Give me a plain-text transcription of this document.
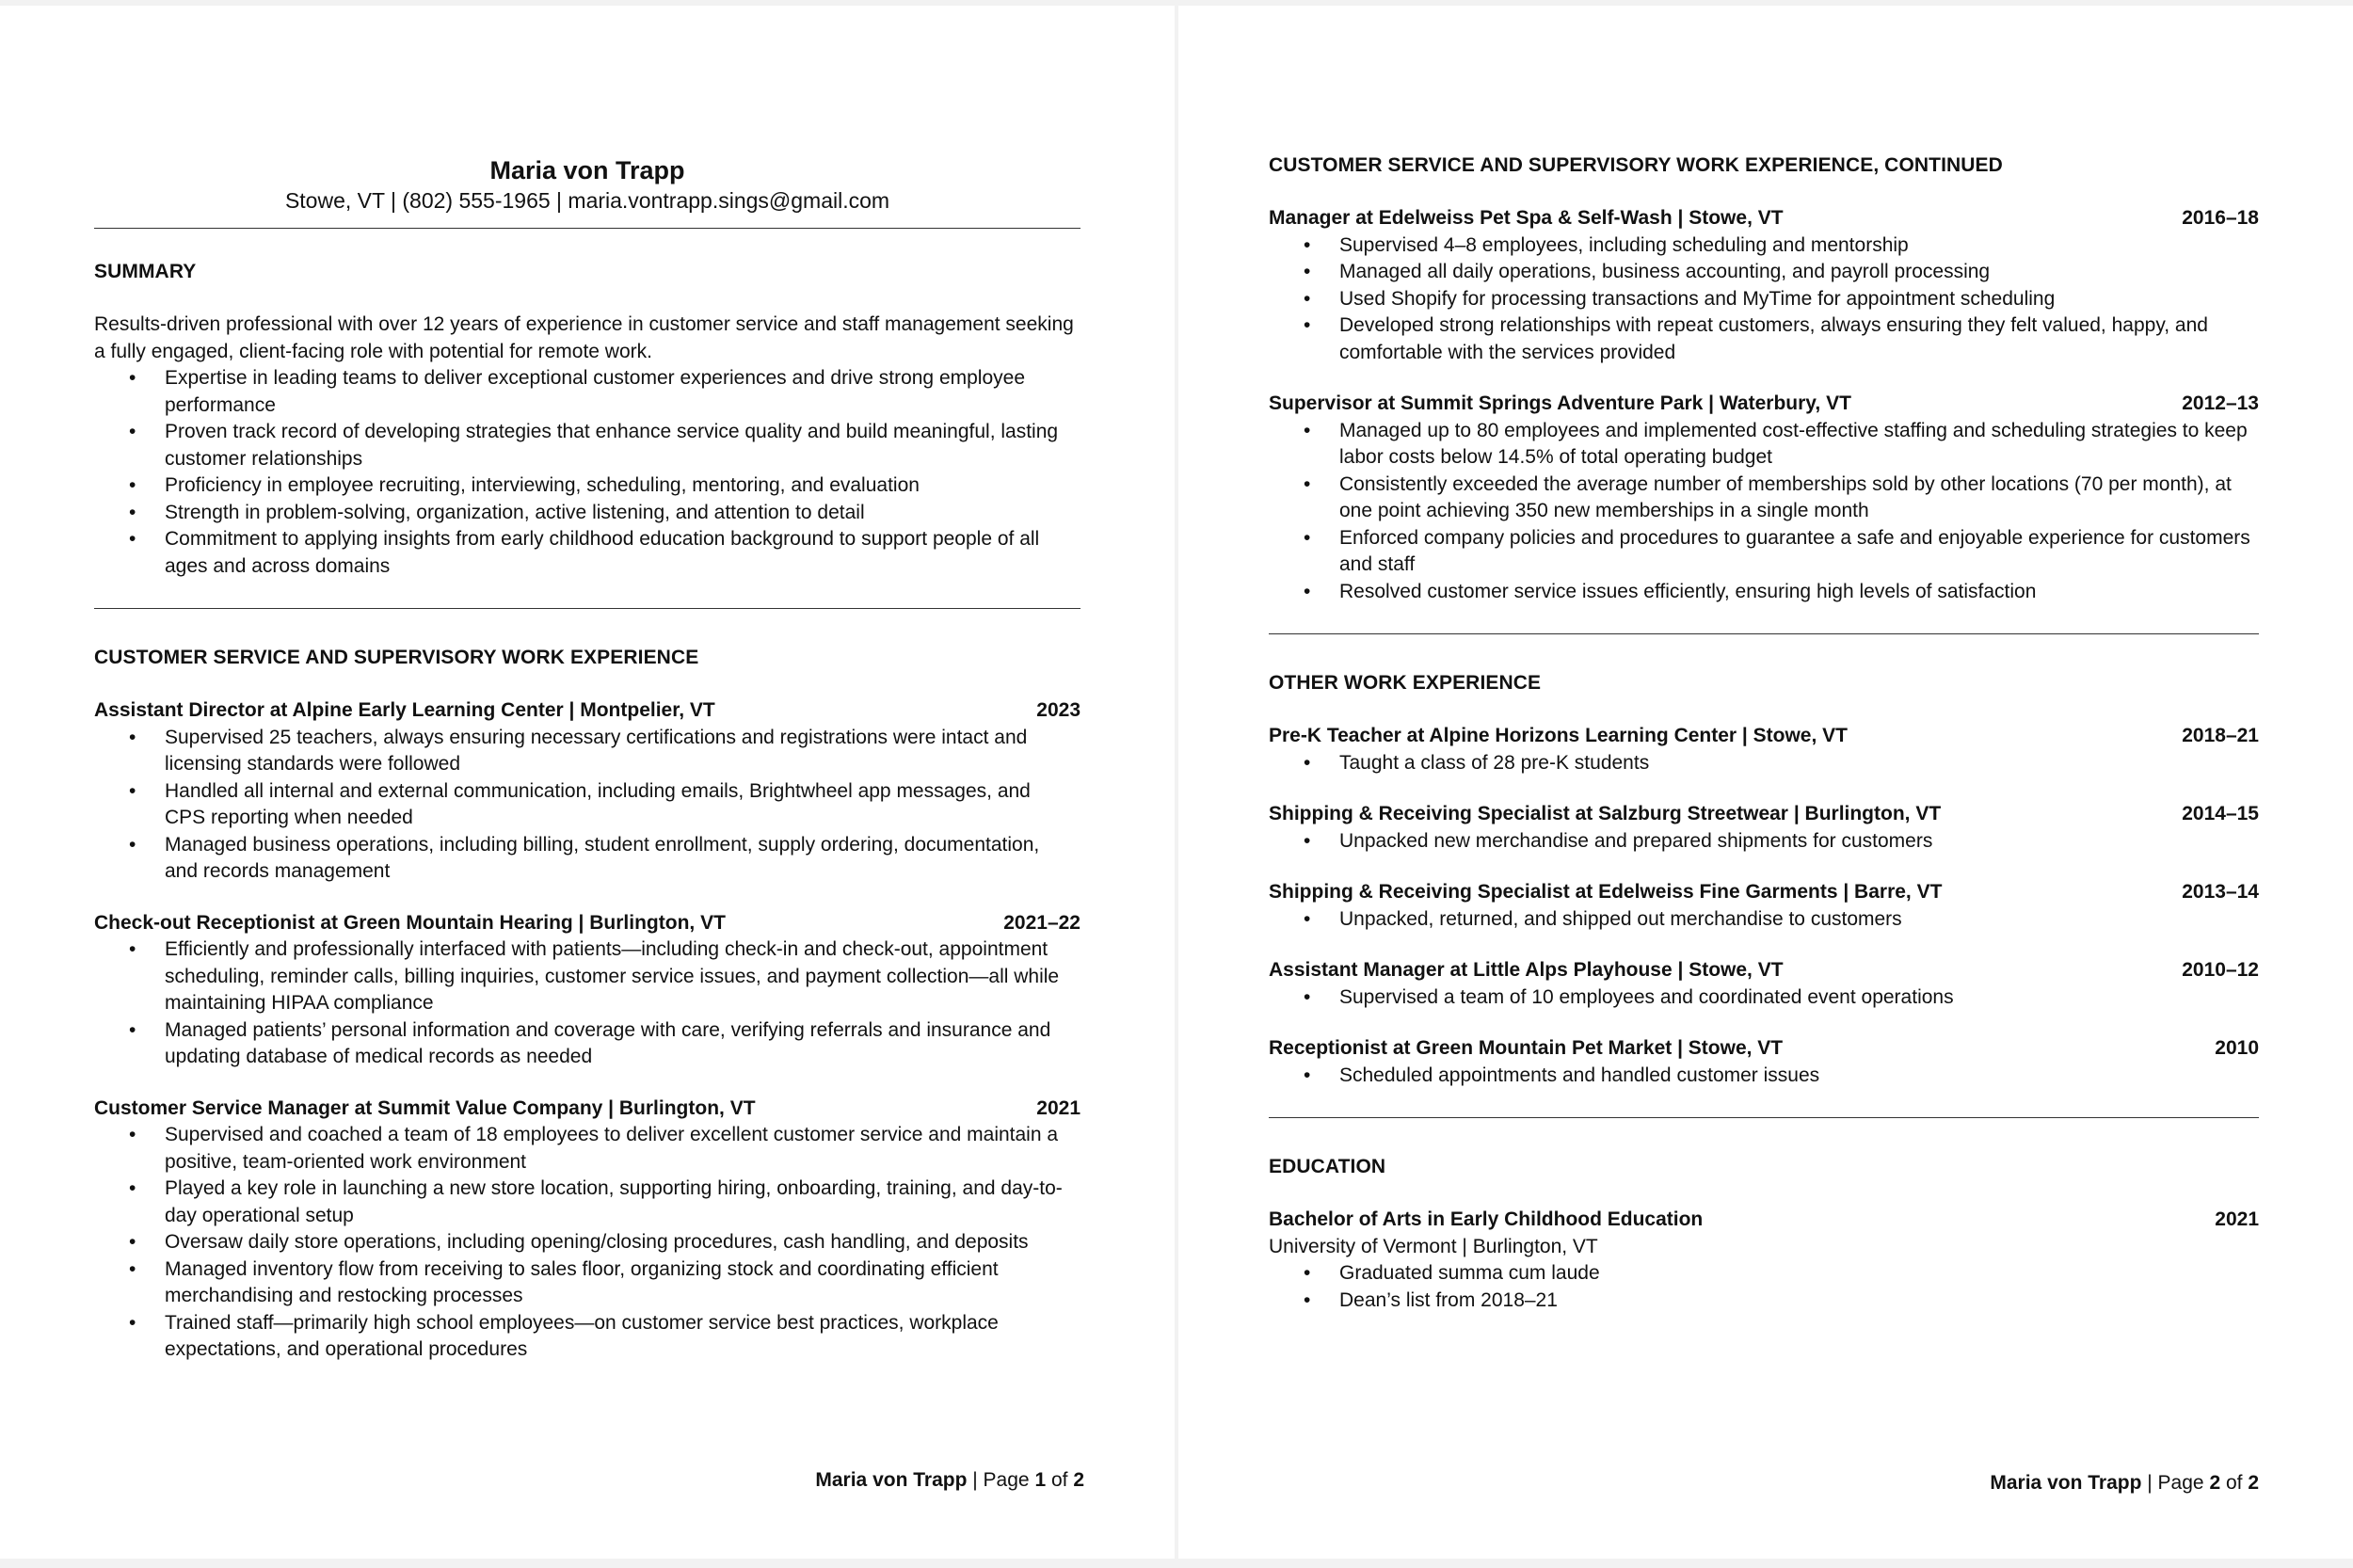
Maria von Trapp

Stowe, VT | (802) 555-1965 | maria.vontrapp.sings@gmail.com

SUMMARY

Results-driven professional with over 12 years of experience in customer service and staff management seeking a fully engaged, client-facing role with potential for remote work.

• Expertise in leading teams to deliver exceptional customer experiences and drive strong employee performance
• Proven track record of developing strategies that enhance service quality and build meaningful, lasting customer relationships
• Proficiency in employee recruiting, interviewing, scheduling, mentoring, and evaluation
• Strength in problem-solving, organization, active listening, and attention to detail
• Commitment to applying insights from early childhood education background to support people of all ages and across domains

CUSTOMER SERVICE AND SUPERVISORY WORK EXPERIENCE

Assistant Director at Alpine Early Learning Center | Montpelier, VT	2023
• Supervised 25 teachers, always ensuring necessary certifications and registrations were intact and licensing standards were followed
• Handled all internal and external communication, including emails, Brightwheel app messages, and CPS reporting when needed
• Managed business operations, including billing, student enrollment, supply ordering, documentation, and records management
Check-out Receptionist at Green Mountain Hearing | Burlington, VT	2021–22
• Efficiently and professionally interfaced with patients—including check-in and check-out, appointment scheduling, reminder calls, billing inquiries, customer service issues, and payment collection—all while maintaining HIPAA compliance
• Managed patients’ personal information and coverage with care, verifying referrals and insurance and updating database of medical records as needed
Customer Service Manager at Summit Value Company | Burlington, VT	2021
• Supervised and coached a team of 18 employees to deliver excellent customer service and maintain a positive, team-oriented work environment
• Played a key role in launching a new store location, supporting hiring, onboarding, training, and day-to-day operational setup
• Oversaw daily store operations, including opening/closing procedures, cash handling, and deposits
• Managed inventory flow from receiving to sales floor, organizing stock and coordinating efficient merchandising and restocking processes
• Trained staff—primarily high school employees—on customer service best practices, workplace expectations, and operational procedures
Maria von Trapp | Page 1 of 2

CUSTOMER SERVICE AND SUPERVISORY WORK EXPERIENCE, CONTINUED

Manager at Edelweiss Pet Spa & Self-Wash | Stowe, VT	2016–18
• Supervised 4–8 employees, including scheduling and mentorship
• Managed all daily operations, business accounting, and payroll processing
• Used Shopify for processing transactions and MyTime for appointment scheduling
• Developed strong relationships with repeat customers, always ensuring they felt valued, happy, and comfortable with the services provided
Supervisor at Summit Springs Adventure Park | Waterbury, VT	2012–13
• Managed up to 80 employees and implemented cost-effective staffing and scheduling strategies to keep labor costs below 14.5% of total operating budget
• Consistently exceeded the average number of memberships sold by other locations (70 per month), at one point achieving 350 new memberships in a single month
• Enforced company policies and procedures to guarantee a safe and enjoyable experience for customers and staff
• Resolved customer service issues efficiently, ensuring high levels of satisfaction

OTHER WORK EXPERIENCE

Pre-K Teacher at Alpine Horizons Learning Center | Stowe, VT	2018–21
• Taught a class of 28 pre-K students
Shipping & Receiving Specialist at Salzburg Streetwear | Burlington, VT	2014–15
• Unpacked new merchandise and prepared shipments for customers
Shipping & Receiving Specialist at Edelweiss Fine Garments | Barre, VT	2013–14
• Unpacked, returned, and shipped out merchandise to customers
Assistant Manager at Little Alps Playhouse | Stowe, VT	2010–12
• Supervised a team of 10 employees and coordinated event operations
Receptionist at Green Mountain Pet Market | Stowe, VT	2010
• Scheduled appointments and handled customer issues

EDUCATION

Bachelor of Arts in Early Childhood Education	2021

University of Vermont | Burlington, VT

• Graduated summa cum laude
• Dean’s list from 2018–21
Maria von Trapp | Page 2 of 2
